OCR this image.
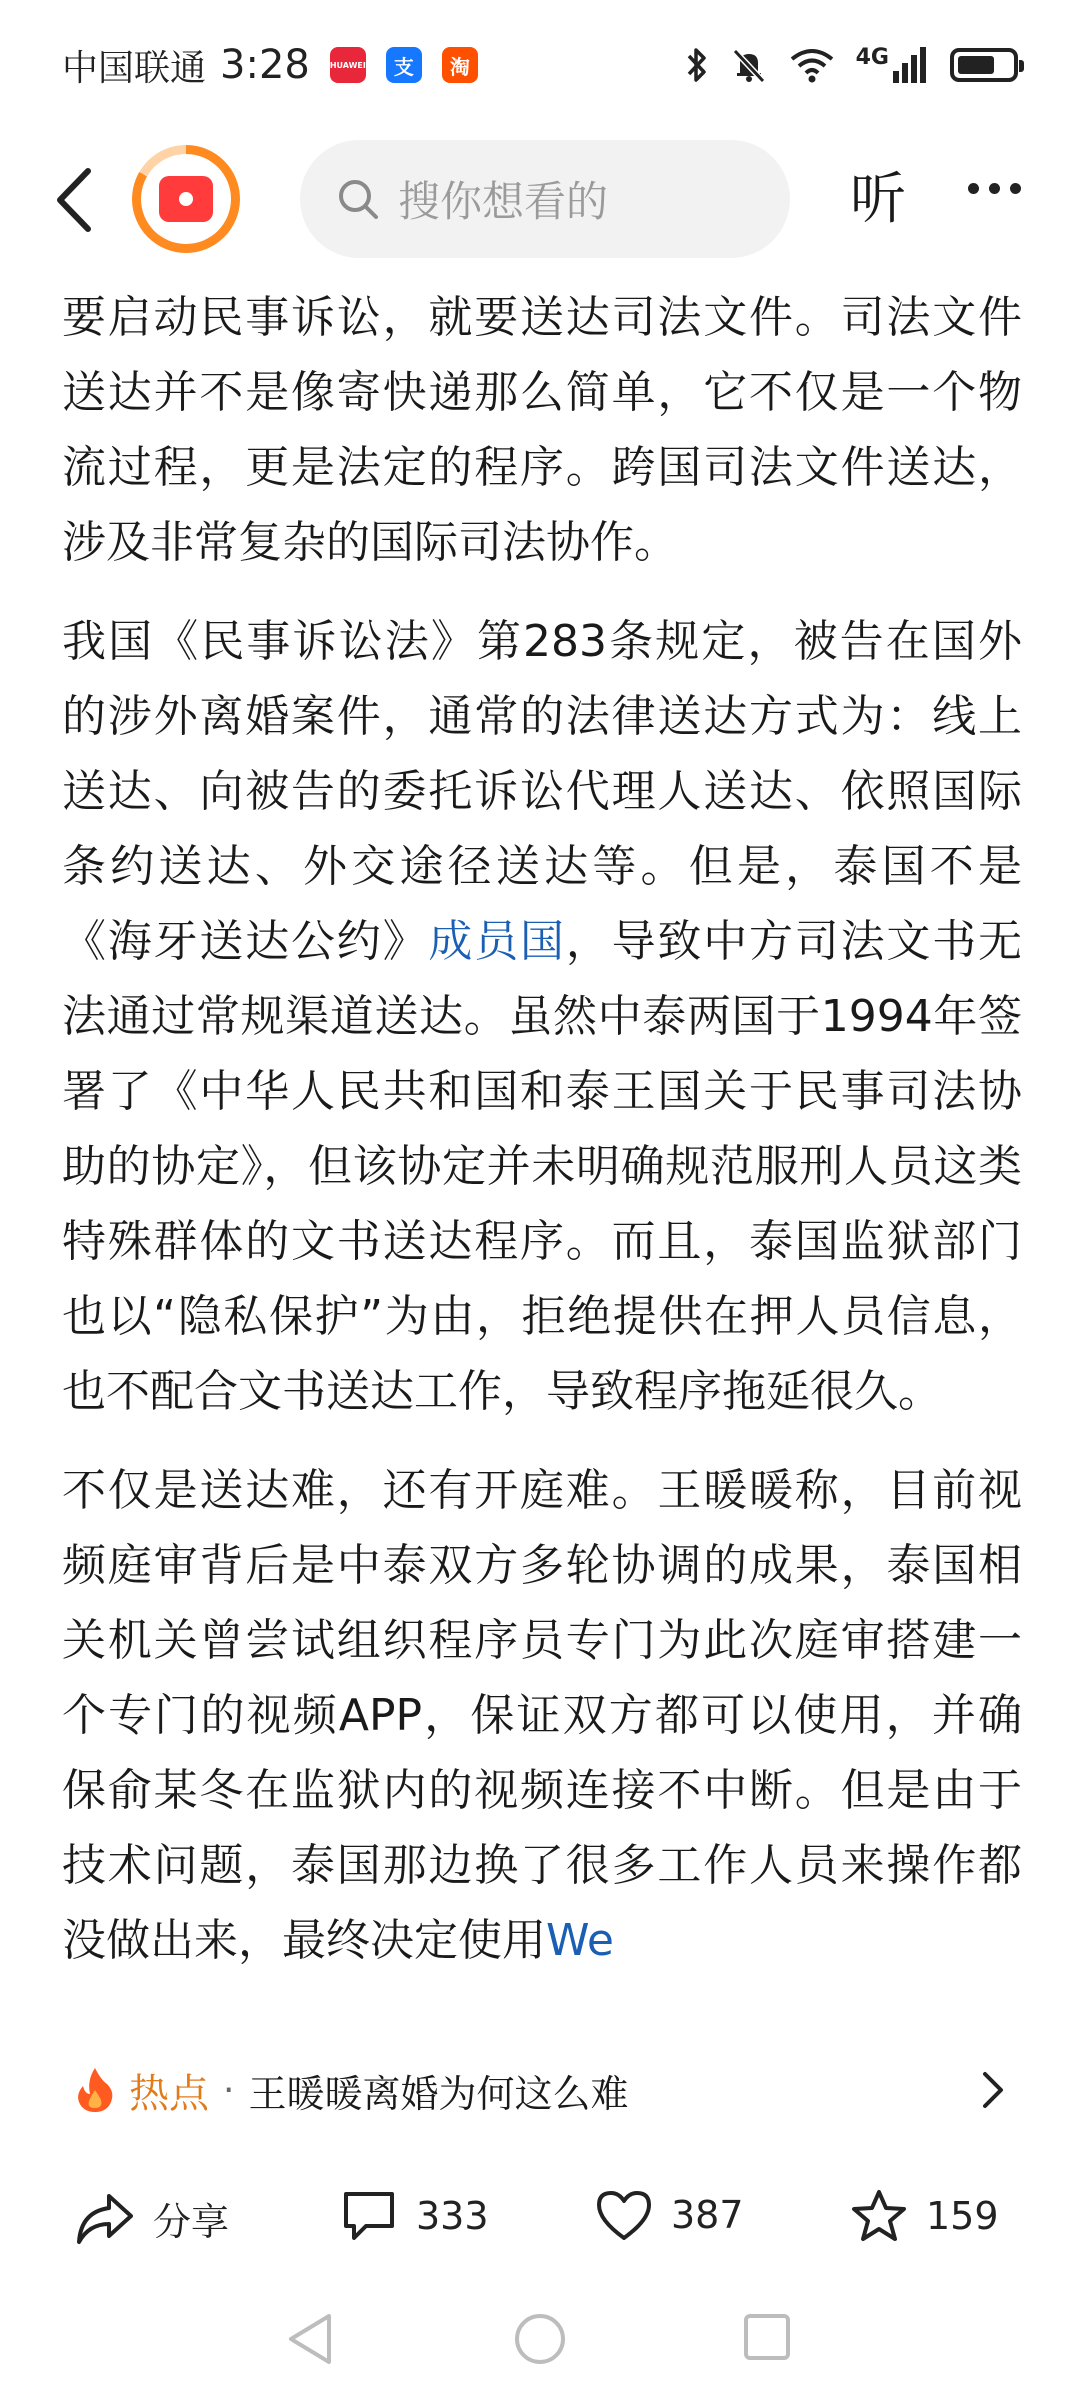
中国联通 3:28 HUAWEI	支	淘	4G
搜你想看的	听

要启动民事诉讼，就要送达司法文件。司法文件送达并不是像寄快递那么简单，它不仅是一个物流过程，更是法定的程序。跨国司法文件送达，涉及非常复杂的国际司法协作。

我国《民事诉讼法》第283条规定，被告在国外的涉外离婚案件，通常的法律送达方式为：线上送达、向被告的委托诉讼代理人送达、依照国际条约送达、外交途径送达等。但是，泰国不是《海牙送达公约》成员国，导致中方司法文书无法通过常规渠道送达。虽然中泰两国于1994年签署了《中华人民共和国和泰王国关于民事司法协助的协定》，但该协定并未明确规范服刑人员这类特殊群体的文书送达程序。而且，泰国监狱部门也以“隐私保护”为由，拒绝提供在押人员信息，也不配合文书送达工作，导致程序拖延很久。

不仅是送达难，还有开庭难。王暖暖称，目前视频庭审背后是中泰双方多轮协调的成果，泰国相关机关曾尝试组织程序员专门为此次庭审搭建一个专门的视频APP，保证双方都可以使用，并确保俞某冬在监狱内的视频连接不中断。但是由于技术问题，泰国那边换了很多工作人员来操作都没做出来，最终决定使用We

热点 · 王暖暖离婚为何这么难
分享	333	387	159
